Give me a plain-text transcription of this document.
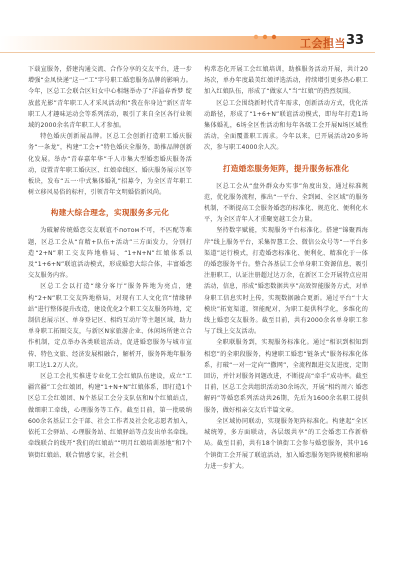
工会担当 33

下载宣服务，搭建沟通交流、合作分享的交友平台，进一步增强“金凤快递”这一“工”字号职工婚恋服务品牌的影响力。今年，区总工会联合区妇女中心相继举办了“洋溢春香梦 绽放蓝光影”青年职工人才采风活动和“我在你身边”新区青年职工人才趣味运动会等系列活动，吸引了来自全区各行业领域的2000余名青年职工人才参加。

特色婚庆创新展品牌。区总工会创新打造职工婚庆服务“一条龙”，构建“工会+”特色婚庆全服务，助推品牌创新化发展。举办“青春嘉年华”千人市集大型婚恋婚庆服务活动，设置青年职工婚庆区、红娘牵线区、婚庆服务展示区等板块，发布“五一·中式集体婚礼”招募令，为全区青年职工树立移风易俗的标杆，引领青年文明婚俗新风尚。

构建大综合理念，实现服务多元化

为破解传统婚恋交友联谊不потом不可，不匹配等难题，区总工会从“育精+队伍+活动”三方面发力，分别打造“2+N”职工交友阵地格局、“1+N+N”红娘体系以及“1+6+N”联谊活动模式，形成婚恋大综合体，丰富婚恋交友服务内容。

区总工会以打造“缘分客厅”服务阵地为亮点，建构“2+N”职工交友阵地格局，对现有工人文化宫“情缘驿站”进行整体提升改造，建设优化2个职工交友服务阵地，定制信息展示区、单身登记区、相约互动厅等主题区域，助力单身职工拓圈交友，与新区N家旅游企业、休闲场所建立合作机制，定点举办各类联谊活动，促进婚恋服务与城市宣传、特色文旅、经济发展相融合，解析开，服务阵地年服务职工达1.2万人次。

区总工会扎实推进专业化工会红娘队伍建设，成立“工疆宫疆”工会红娘团，构建“1+N+N”红娘体系，即打造1个区总工会红娘团、N个基层工会分支队伍和N个红娘站点，做细职工牵线，心理服务等工作。截至目前，第一批吸纳600余名基层工会干部、社会工作者及社会化志愿者加入，依托工会驿站、心理服务站、红娘驿站等点发出单名牵线。牵线联合的线开“我们的红娘站”“明月红娘培训基地”和7个镇街红娘站、联合情感专家，社会机

构常态化开展工会红娘培训，助推服务活动开展，共计20场次，单办年度最美红娘评选活动，持续增引更多热心职工加入红娘队伍，形成了“做家人”当“红娘”的热烈氛围。

区总工会围绕新时代青年需求，创新活动方式，优化活动路径，形成了“1+6+N”联谊活动模式，即每年打造1场集体婚礼，6场全区性活动和每年各级工会开展N场区域性活动，全面覆盖职工需求。今年以来，已开展活动20多场次，参与职工4000余人次。

打造婚恋服务矩阵，提升服务标准化

区总工会从“盘外群众办实事”角度出发，通过标准规范，优化服务流程，推出“一平台、全到园、全区域”的服务机制，不断提高工会服务婚恋的标准化、规范化、便利化水平，为全区青年人才重聚宽越工会力量。

坚持数字赋能，实现服务平台标准化。搭建“锦聚西海岸”线上服务平台，采集智慧工会、微信公众号等“一平台多渠道”运行模式，打造婚恋标准化、便利化、精准化于一体的婚恋服务平台。整合各基层工会单身职工资源信息，吸引注册职工，认证注册超过达万余，在新区工会开展特点应用活动，信息，形成“婚恋数据共享”高效智能服务方式，对单身职工信息实时上传，实现数据融合更新。通过平台“十大模块”拓宽渠道，智能配对，为职工提供科学化，多维化的线上婚恋交友服务。截至目前，共有2000余名单身职工参与了线上交友活动。

全职联服务到，实现服务标准化。通过“相识到相知到相恋”的全职段服务，构建职工婚恋“链条式”服务标准化体系，打破“一对一定向”“撒网”，全流程跟进交友进度，定期回访，并针对服务问题改进，不断提高“牵手”成功率。截至目前，区总工会共组织活动30余场次，开展“相约周六 婚恋解码”等婚恋系列活动共26期，先后为1600余名职工提供服务，做好相亲交友后半篇文章。

全区域协同联动，实现服务矩阵标准化。构建起“全区城统筹，多方面联动，各层级共享”的工会婚恋工作新格局。截至目前，共有18个镇街工会参与婚恋服务，其中16个镇街工会开展了联谊活动，加入婚恋服务矩阵规模和影响力进一步扩大。
